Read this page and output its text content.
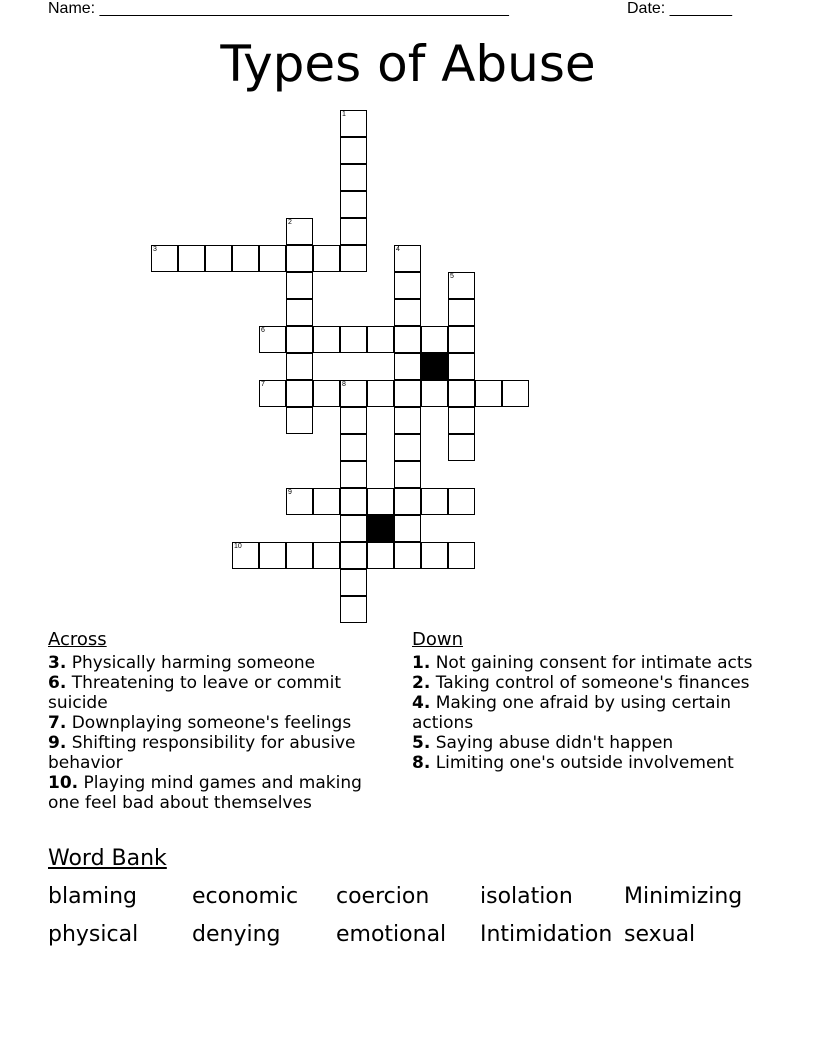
Name: ______________________________________________	Date: _______
Types of Abuse
3
6
7	8
9
10
1
2
4
5
Across
3. Physically harming someone
6. Threatening to leave or commit suicide
7. Downplaying someone's feelings
9. Shifting responsibility for abusive behavior
10. Playing mind games and making one feel bad about themselves
Down
1. Not gaining consent for intimate acts
2. Taking control of someone's finances
4. Making one afraid by using certain actions
5. Saying abuse didn't happen
8. Limiting one's outside involvement
Word Bank
blaming economic coercion isolation Minimizing
physical denying	emotional Intimidation sexual
